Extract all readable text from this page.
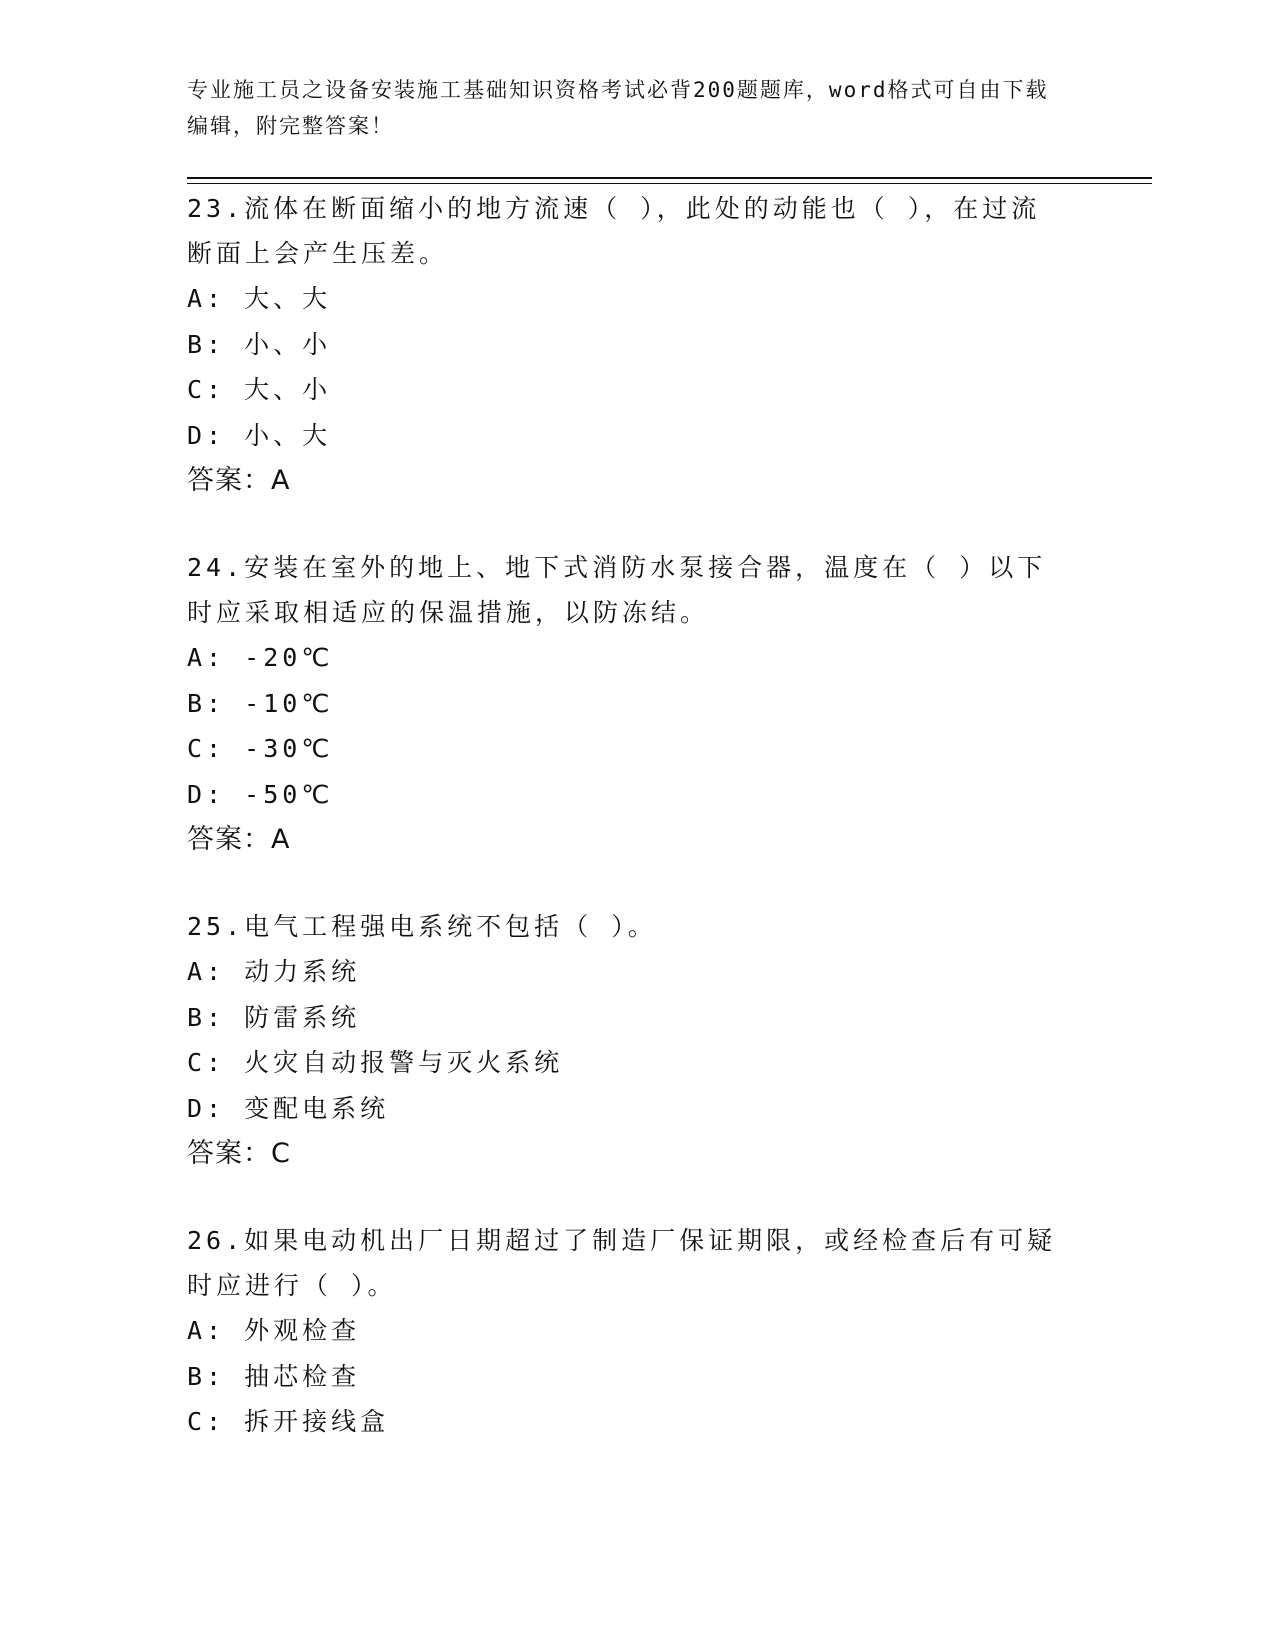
专业施工员之设备安装施工基础知识资格考试必背200题题库，word格式可自由下载编辑，附完整答案！
23.流体在断面缩小的地方流速（ ），此处的动能也（ ），在过流断面上会产生压差。
A: 大、大
B: 小、小
C: 大、小
D: 小、大
答案：A
24.安装在室外的地上、地下式消防水泵接合器，温度在（ ）以下时应采取相适应的保温措施，以防冻结。
A: -20℃
B: -10℃
C: -30℃
D: -50℃
答案：A
25.电气工程强电系统不包括（ ）。
A: 动力系统
B: 防雷系统
C: 火灾自动报警与灭火系统
D: 变配电系统
答案：C
26.如果电动机出厂日期超过了制造厂保证期限，或经检查后有可疑时应进行（ ）。
A: 外观检查
B: 抽芯检查
C: 拆开接线盒
